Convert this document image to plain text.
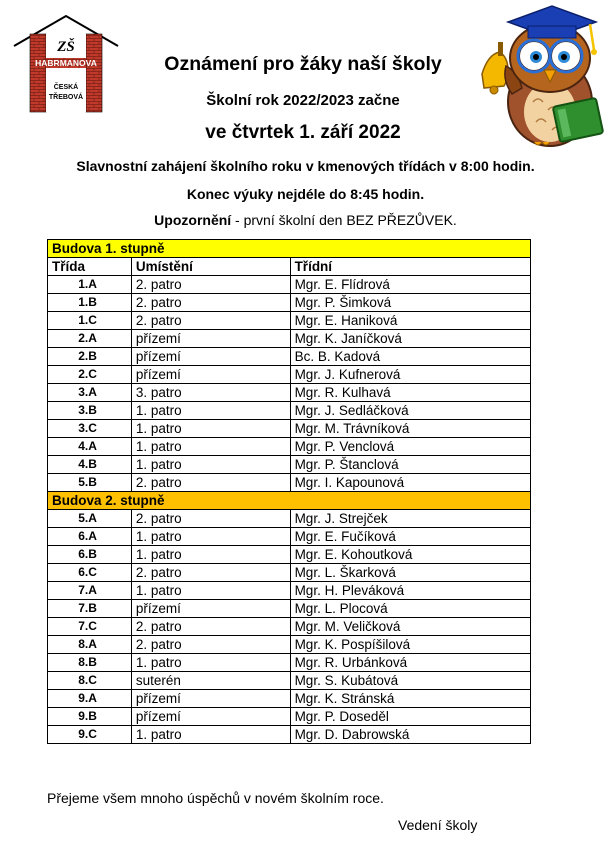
ZŠ
HABRMANOVA
ČESKÁ
TŘEBOVÁ
Oznámení pro žáky naší školy
Školní rok 2022/2023 začne
ve čtvrtek 1. září 2022
Slavnostní zahájení školního roku v kmenových třídách v 8:00 hodin.
Konec výuky nejdéle do 8:45 hodin.
Upozornění - první školní den BEZ PŘEZŮVEK.
Budova 1. stupně		
Třída	Umístění	Třídní
1.A	2. patro	Mgr. E. Flídrová
1.B	2. patro	Mgr. P. Šimková
1.C	2. patro	Mgr. E. Haniková
2.A	přízemí	Mgr. K. Janíčková
2.B	přízemí	Bc. B. Kadová
2.C	přízemí	Mgr. J. Kufnerová
3.A	3. patro	Mgr. R. Kulhavá
3.B	1. patro	Mgr. J. Sedláčková
3.C	1. patro	Mgr. M. Trávníková
4.A	1. patro	Mgr. P. Venclová
4.B	1. patro	Mgr. P. Štanclová
5.B	2. patro	Mgr. I. Kapounová
Budova 2. stupně		
5.A	2. patro	Mgr. J. Strejček
6.A	1. patro	Mgr. E. Fučíková
6.B	1. patro	Mgr. E. Kohoutková
6.C	2. patro	Mgr. L. Škarková
7.A	1. patro	Mgr. H. Pleváková
7.B	přízemí	Mgr. L. Plocová
7.C	2. patro	Mgr. M. Veličková
8.A	2. patro	Mgr. K. Pospíšilová
8.B	1. patro	Mgr. R. Urbánková
8.C	suterén	Mgr. S. Kubátová
9.A	přízemí	Mgr. K. Stránská
9.B	přízemí	Mgr. P. Doseděl
9.C	1. patro	Mgr. D. Dabrowská
Přejeme všem mnoho úspěchů v novém školním roce.
Vedení školy
